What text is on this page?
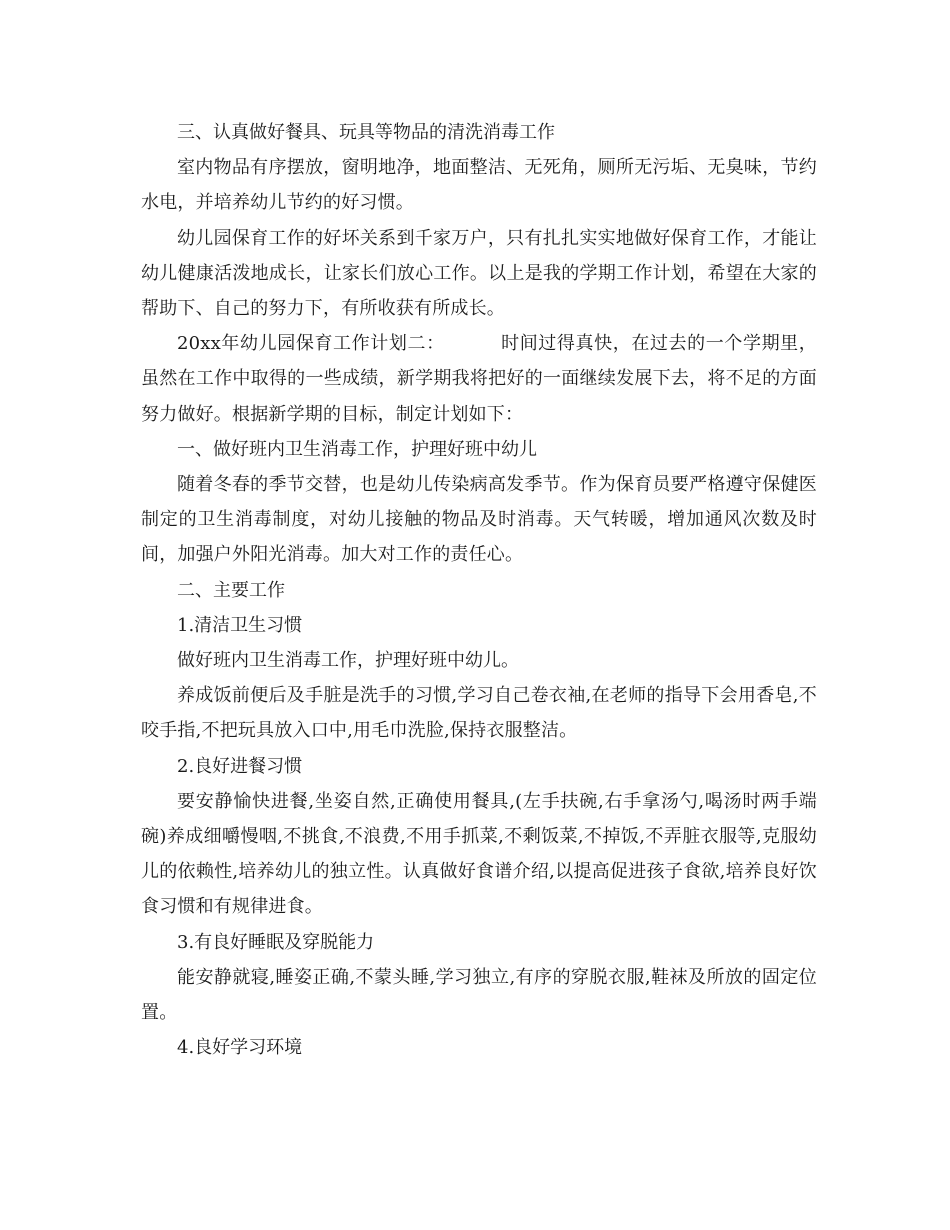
三、认真做好餐具、玩具等物品的清洗消毒工作

室内物品有序摆放，窗明地净，地面整洁、无死角，厕所无污垢、无臭味，节约水电，并培养幼儿节约的好习惯。

幼儿园保育工作的好坏关系到千家万户，只有扎扎实实地做好保育工作，才能让幼儿健康活泼地成长，让家长们放心工作。以上是我的学期工作计划，希望在大家的帮助下、自己的努力下，有所收获有所成长。

20xx年幼儿园保育工作计划二：	时间过得真快，在过去的一个学期里，虽然在工作中取得的一些成绩，新学期我将把好的一面继续发展下去，将不足的方面努力做好。根据新学期的目标，制定计划如下：

一、做好班内卫生消毒工作，护理好班中幼儿

随着冬春的季节交替，也是幼儿传染病高发季节。作为保育员要严格遵守保健医制定的卫生消毒制度，对幼儿接触的物品及时消毒。天气转暖，增加通风次数及时间，加强户外阳光消毒。加大对工作的责任心。

二、主要工作

1.清洁卫生习惯

做好班内卫生消毒工作，护理好班中幼儿。

养成饭前便后及手脏是洗手的习惯,学习自己卷衣袖,在老师的指导下会用香皂,不咬手指,不把玩具放入口中,用毛巾洗脸,保持衣服整洁。

2.良好进餐习惯

要安静愉快进餐,坐姿自然,正确使用餐具,(左手扶碗,右手拿汤勺,喝汤时两手端碗)养成细嚼慢咽,不挑食,不浪费,不用手抓菜,不剩饭菜,不掉饭,不弄脏衣服等,克服幼儿的依赖性,培养幼儿的独立性。认真做好食谱介绍,以提高促进孩子食欲,培养良好饮食习惯和有规律进食。

3.有良好睡眠及穿脱能力

能安静就寝,睡姿正确,不蒙头睡,学习独立,有序的穿脱衣服,鞋袜及所放的固定位置。

4.良好学习环境
